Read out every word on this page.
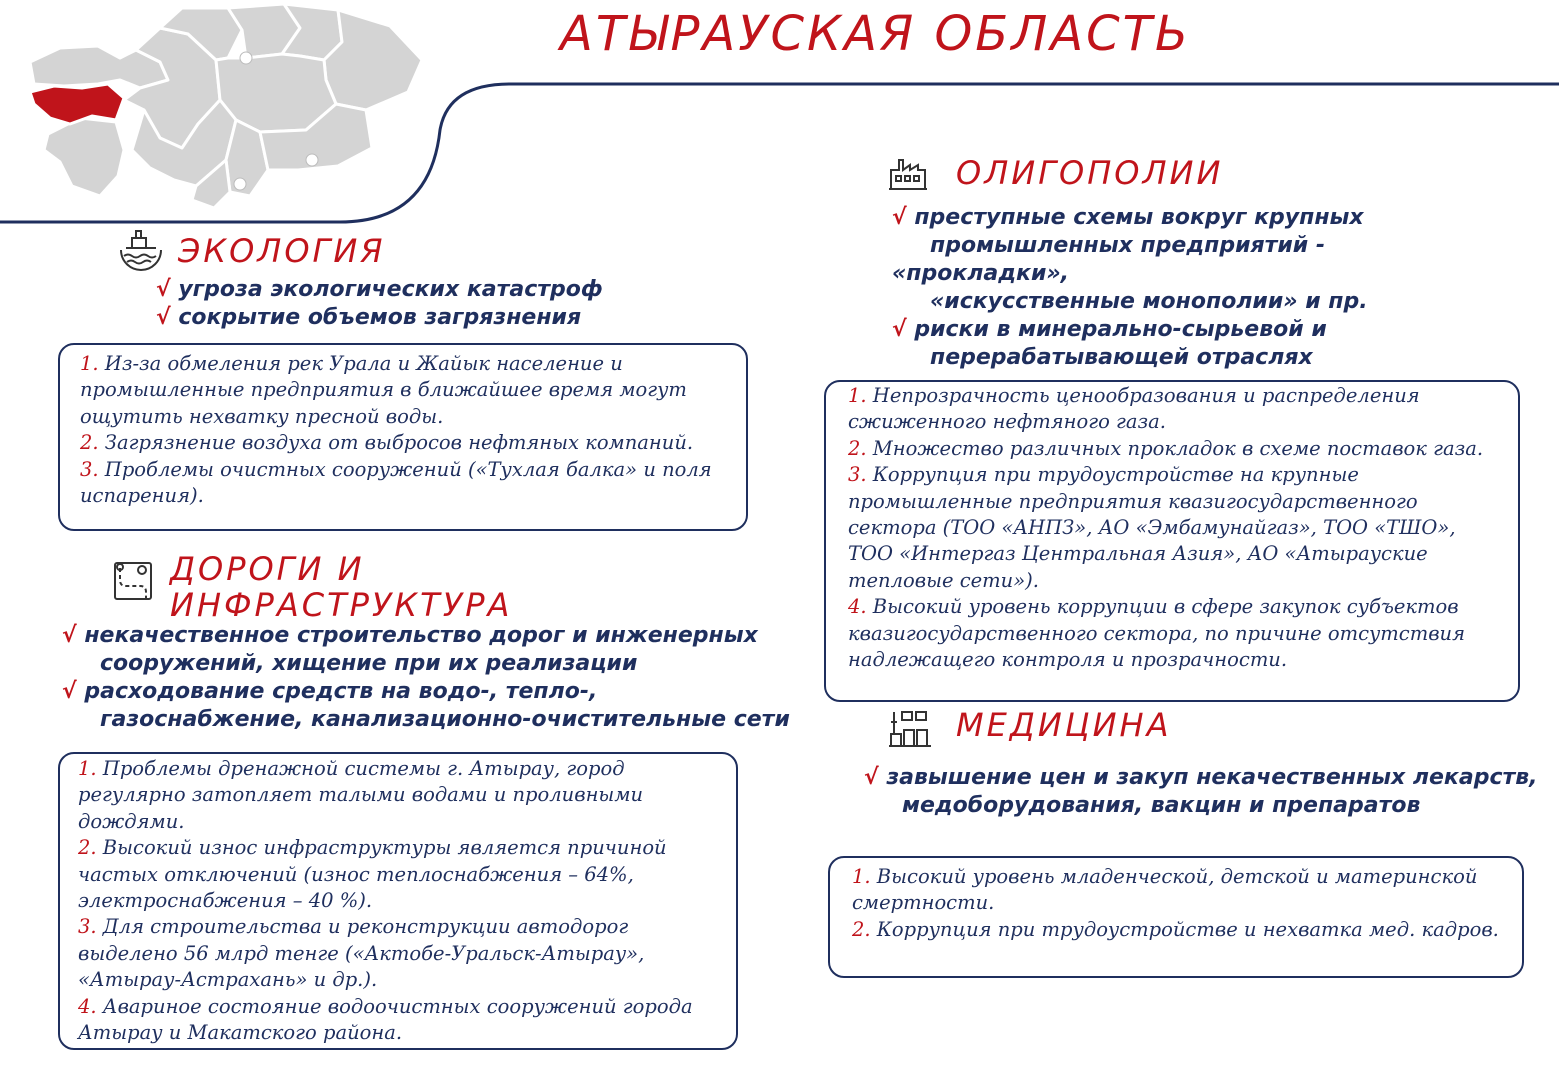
АТЫРАУСКАЯ ОБЛАСТЬ
ЭКОЛОГИЯ
√ угроза экологических катастроф
√ сокрытие объемов загрязнения
1. Из-за обмеления рек Урала и Жайык население и промышленные предприятия в ближайшее время могут ощутить нехватку пресной воды.
2. Загрязнение воздуха от выбросов нефтяных компаний.
3. Проблемы очистных сооружений («Тухлая балка» и поля испарения).
ДОРОГИ И
ИНФРАСТРУКТУРА
√ некачественное строительство дорог и инженерных
сооружений, хищение при их реализации
√ расходование средств на водо-, тепло-,
газоснабжение, канализационно-очистительные сети
1. Проблемы дренажной системы г. Атырау, город регулярно затопляет талыми водами и проливными дождями.
2. Высокий износ инфраструктуры является причиной частых отключений (износ теплоснабжения – 64%, электроснабжения – 40 %).
3. Для строительства и реконструкции автодорог выделено 56 млрд тенге («Актобе-Уральск-Атырау», «Атырау-Астрахань» и др.).
4. Авариное состояние водоочистных сооружений города Атырау и Макатского района.
ОЛИГОПОЛИИ
√ преступные схемы вокруг крупных
промышленных предприятий -
«прокладки»,
«искусственные монополии» и пр.
√ риски в минерально-сырьевой и
перерабатывающей отраслях
1. Непрозрачность ценообразования и распределения сжиженного нефтяного газа.
2. Множество различных прокладок в схеме поставок газа.
3. Коррупция при трудоустройстве на крупные промышленные предприятия квазигосударственного сектора (ТОО «АНПЗ», АО «Эмбамунайгаз», ТОО «ТШО», ТОО «Интергаз Центральная Азия», АО «Атырауские тепловые сети»).
4. Высокий уровень коррупции в сфере закупок субъектов квазигосударственного сектора, по причине отсутствия надлежащего контроля и прозрачности.
МЕДИЦИНА
√ завышение цен и закуп некачественных лекарств,
медоборудования, вакцин и препаратов
1. Высокий уровень младенческой, детской и материнской смертности.
2. Коррупция при трудоустройстве и нехватка мед. кадров.
